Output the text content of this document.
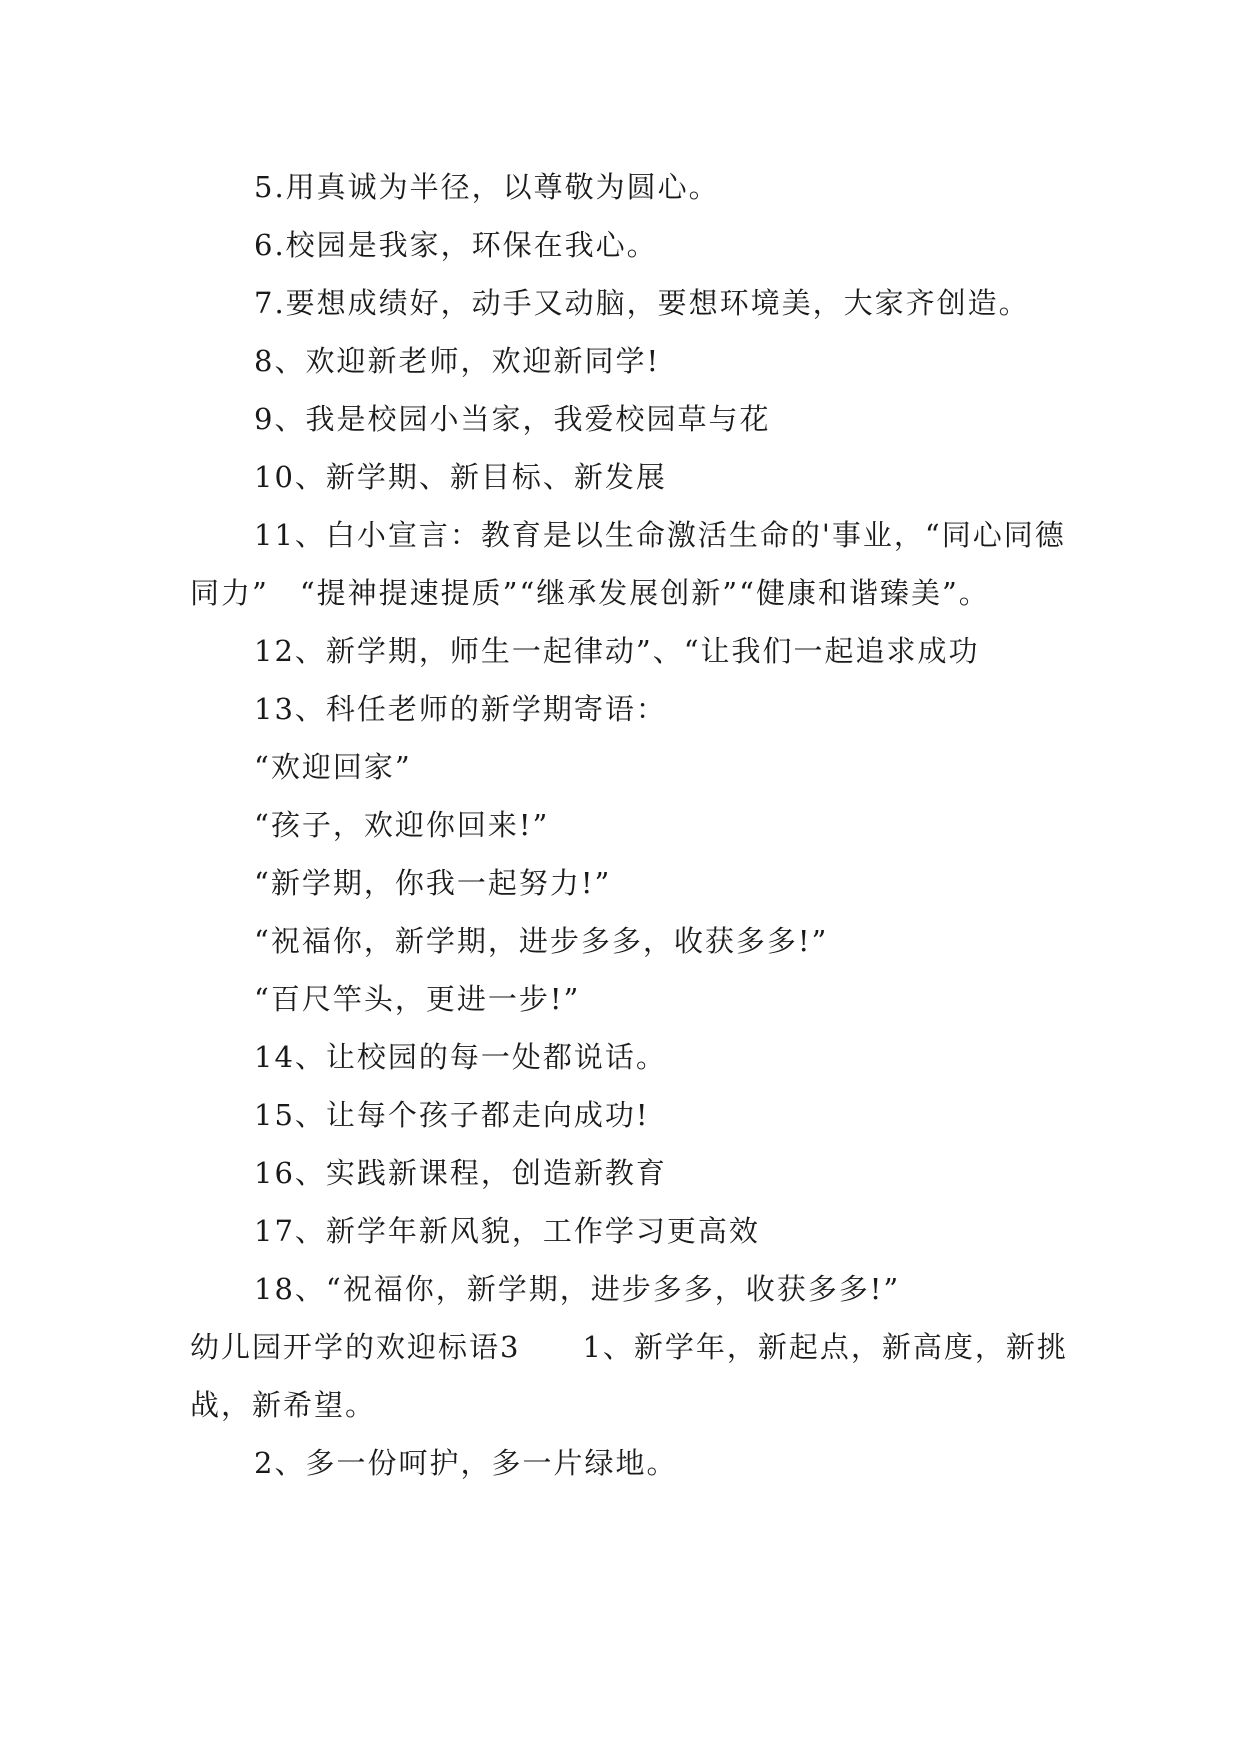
5.用真诚为半径，以尊敬为圆心。

6.校园是我家，环保在我心。

7.要想成绩好，动手又动脑，要想环境美，大家齐创造。

8、欢迎新老师，欢迎新同学!

9、我是校园小当家，我爱校园草与花

10、新学期、新目标、新发展

11、白小宣言：教育是以生命激活生命的'事业，“同心同德同力”　“提神提速提质”“继承发展创新”“健康和谐臻美”。

12、新学期，师生一起律动”、“让我们一起追求成功

13、科任老师的新学期寄语：

“欢迎回家”

“孩子，欢迎你回来!”

“新学期，你我一起努力!”

“祝福你，新学期，进步多多，收获多多!”

“百尺竿头，更进一步!”

14、让校园的每一处都说话。

15、让每个孩子都走向成功!

16、实践新课程，创造新教育

17、新学年新风貌，工作学习更高效

18、“祝福你，新学期，进步多多，收获多多!”

幼儿园开学的欢迎标语3　　1、新学年，新起点，新高度，新挑战，新希望。

2、多一份呵护，多一片绿地。
